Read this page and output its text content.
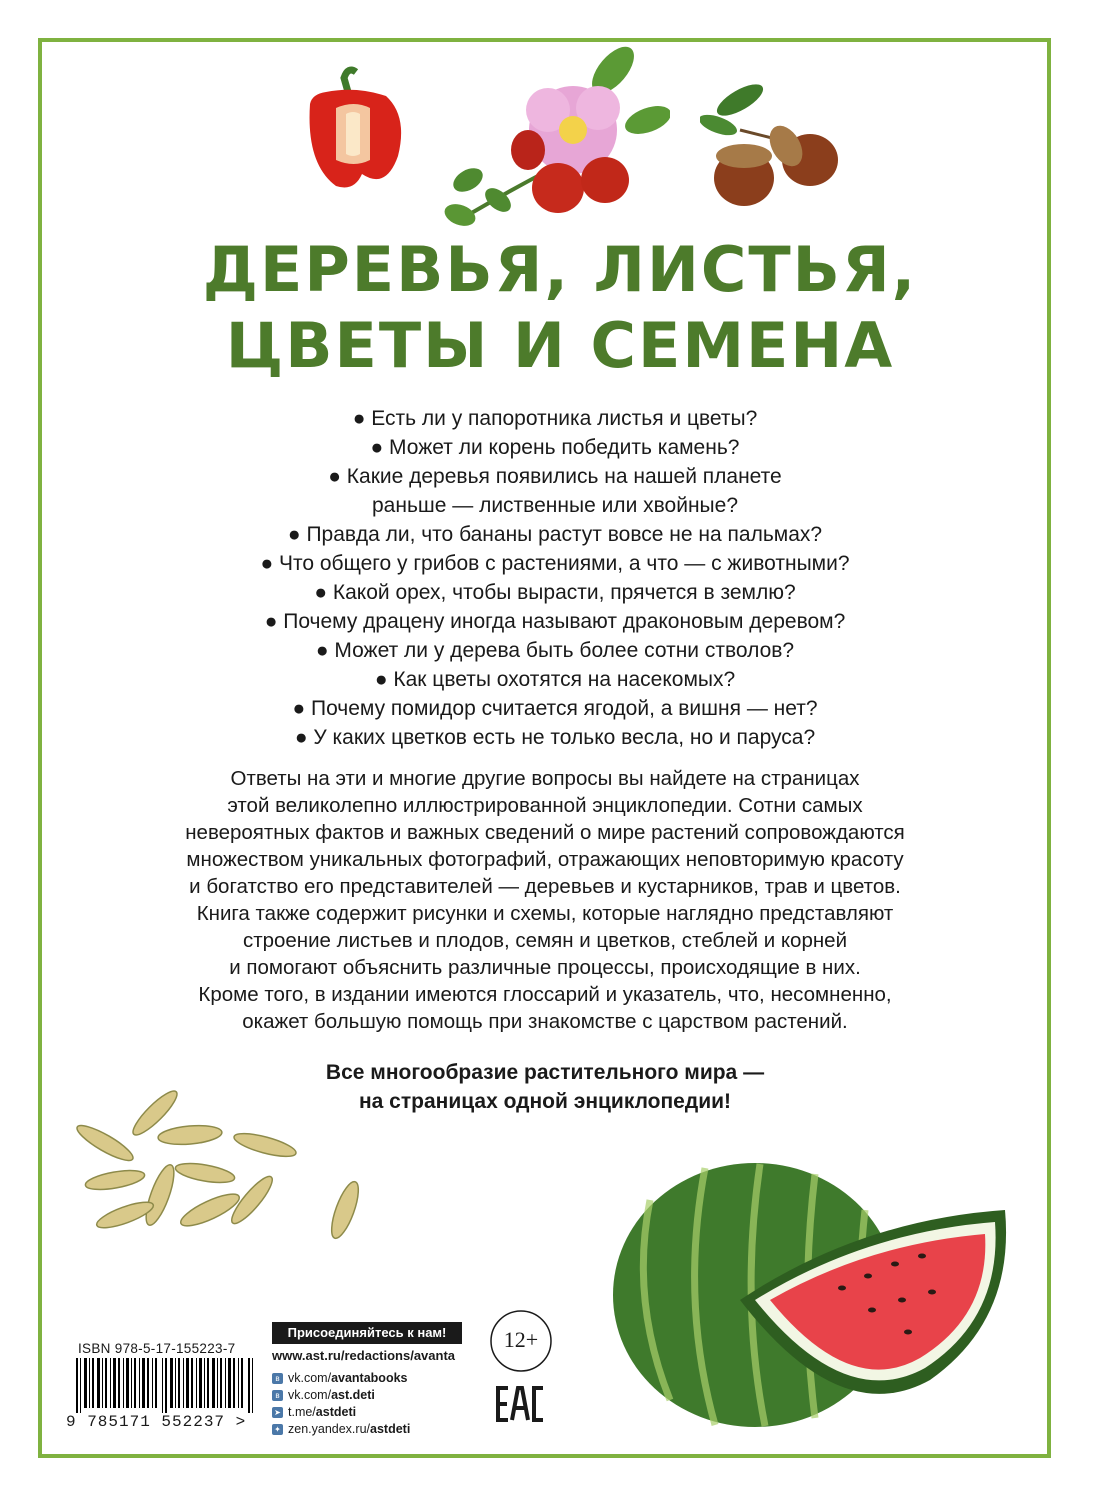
ДЕРЕВЬЯ, ЛИСТЬЯ,
ЦВЕТЫ И СЕМЕНА
● Есть ли у папоротника листья и цветы?
● Может ли корень победить камень?
● Какие деревья появились на нашей планете
раньше — лиственные или хвойные?
● Правда ли, что бананы растут вовсе не на пальмах?
● Что общего у грибов с растениями, а что — с животными?
● Какой орех, чтобы вырасти, прячется в землю?
● Почему драцену иногда называют драконовым деревом?
● Может ли у дерева быть более сотни стволов?
● Как цветы охотятся на насекомых?
● Почему помидор считается ягодой, а вишня — нет?
● У каких цветков есть не только весла, но и паруса?
Ответы на эти и многие другие вопросы вы найдете на страницах
этой великолепно иллюстрированной энциклопедии. Сотни самых
невероятных фактов и важных сведений о мире растений сопровождаются
множеством уникальных фотографий, отражающих неповторимую красоту
и богатство его представителей — деревьев и кустарников, трав и цветов.
Книга также содержит рисунки и схемы, которые наглядно представляют
строение листьев и плодов, семян и цветков, стеблей и корней
и помогают объяснить различные процессы, происходящие в них.
Кроме того, в издании имеются глоссарий и указатель, что, несомненно,
окажет большую помощь при знакомстве с царством растений.
Все многообразие растительного мира —
на страницах одной энциклопедии!
ISBN 978-5-17-155223-7
9 785171 552237 >
Присоединяйтесь к нам!
www.ast.ru/redactions/avanta
в vk.com/ avantabooks
в vk.com/ ast.deti
➤ t.me/ astdeti
✦ zen.yandex.ru/ astdeti
12+
